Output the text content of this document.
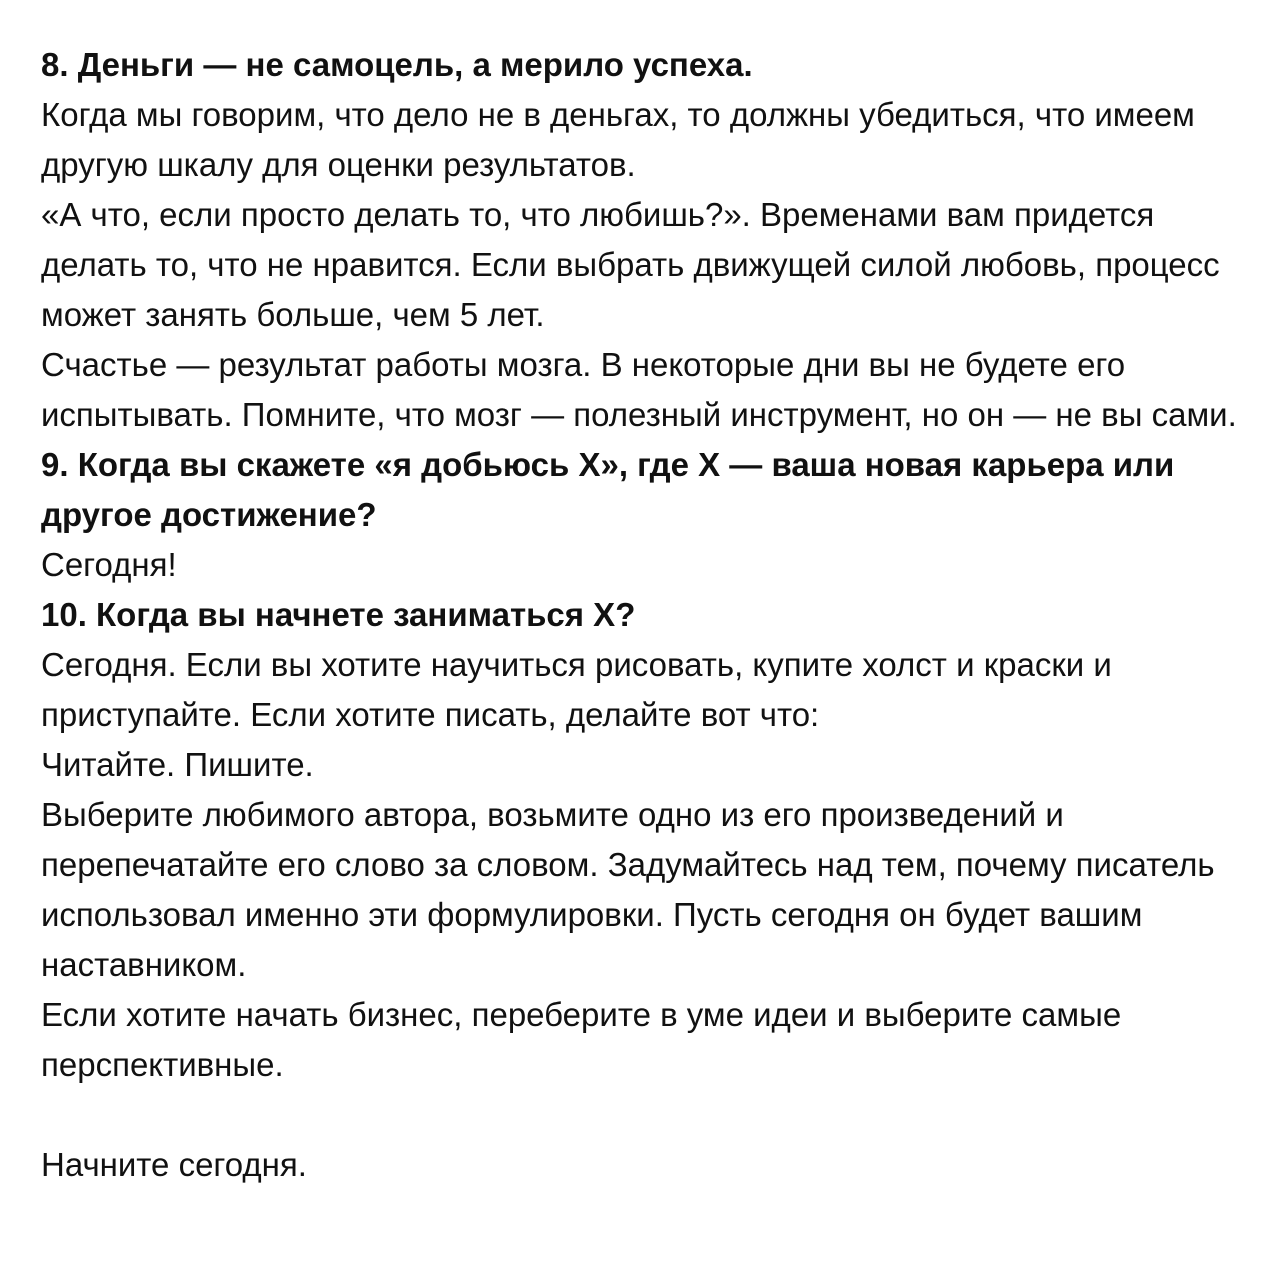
8. Деньги — не самоцель, а мерило успеха.

Когда мы говорим, что дело не в деньгах, то должны убедиться, что имеем другую шкалу для оценки результатов.

«А что, если просто делать то, что любишь?». Временами вам придется делать то, что не нравится. Если выбрать движущей силой любовь, процесс может занять больше, чем 5 лет.

Счастье — результат работы мозга. В некоторые дни вы не будете его испытывать. Помните, что мозг — полезный инструмент, но он — не вы сами.

9. Когда вы скажете «я добьюсь X», где X — ваша новая карьера или другое достижение?

Сегодня!

10. Когда вы начнете заниматься X?

Сегодня. Если вы хотите научиться рисовать, купите холст и краски и приступайте. Если хотите писать, делайте вот что:

Читайте. Пишите.

Выберите любимого автора, возьмите одно из его произведений и перепечатайте его слово за словом. Задумайтесь над тем, почему писатель использовал именно эти формулировки. Пусть сегодня он будет вашим наставником.

Если хотите начать бизнес, переберите в уме идеи и выберите самые перспективные.

Начните сегодня.
